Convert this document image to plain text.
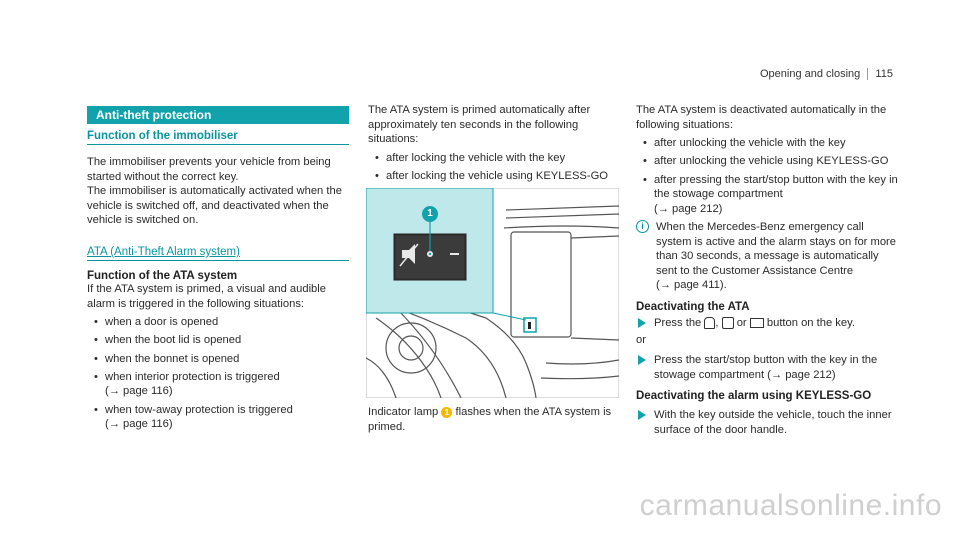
Opening and closing 115
Anti-theft protection
Function of the immobiliser

The immobiliser prevents your vehicle from being started without the correct key.

The immobiliser is automatically activated when the vehicle is switched off, and deactivated when the vehicle is switched on.

ATA (Anti-Theft Alarm system)

Function of the ATA system

If the ATA system is primed, a visual and audible alarm is triggered in the following situations:

• when a door is opened
• when the boot lid is opened
• when the bonnet is opened
• when interior protection is triggered
(→ page 116)
• when tow-away protection is triggered
(→ page 116)

The ATA system is primed automatically after approximately ten seconds in the following situations:

• after locking the vehicle with the key
• after locking the vehicle using KEYLESS-GO
1

Indicator lamp 1 flashes when the ATA system is primed.

The ATA system is deactivated automatically in the following situations:

• after unlocking the vehicle with the key
• after unlocking the vehicle using KEYLESS-GO
• after pressing the start/stop button with the key in the stowage compartment
(→ page 212)
i	When the Mercedes-Benz emergency call system is active and the alarm stays on for more than 30 seconds, a message is automatically sent to the Customer Assistance Centre (→ page 411).

Deactivating the ATA

Press the ,  or button on the key.

or

Press the start/stop button with the key in the stowage compartment (→ page 212)

Deactivating the alarm using KEYLESS-GO

With the key outside the vehicle, touch the inner surface of the door handle.

carmanualsonline.info
